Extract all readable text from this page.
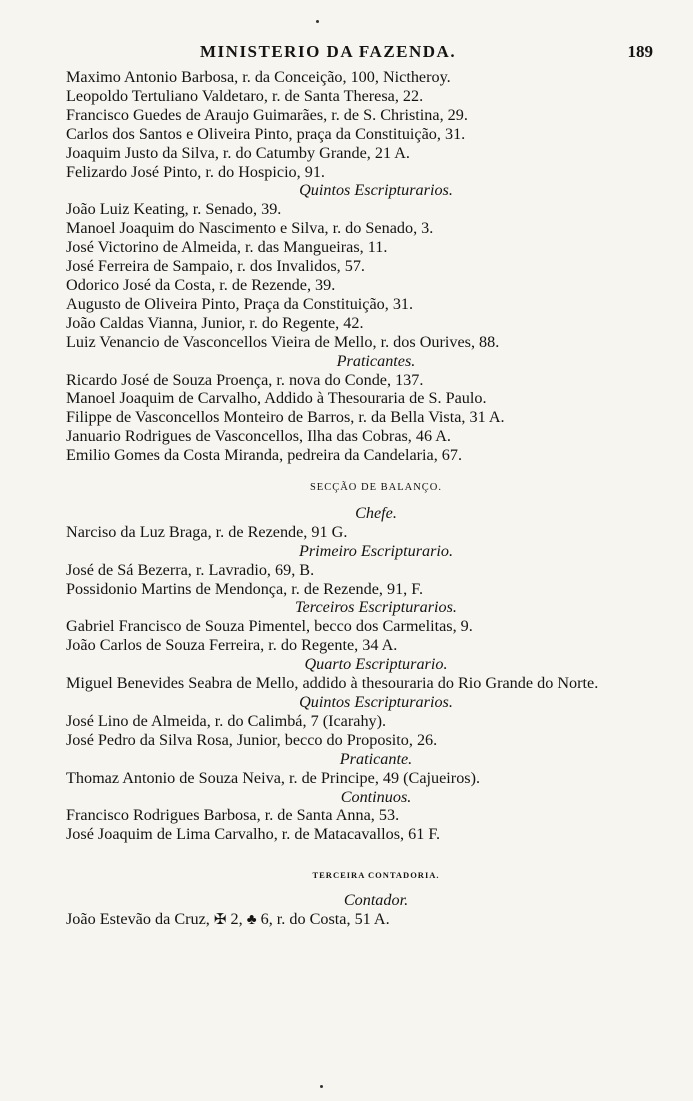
MINISTERIO DA FAZENDA.	189
Maximo Antonio Barbosa, r. da Conceição, 100, Nictheroy.
Leopoldo Tertuliano Valdetaro, r. de Santa Theresa, 22.
Francisco Guedes de Araujo Guimarães, r. de S. Christina, 29.
Carlos dos Santos e Oliveira Pinto, praça da Constituição, 31.
Joaquim Justo da Silva, r. do Catumby Grande, 21 A.
Felizardo José Pinto, r. do Hospicio, 91.
Quintos Escripturarios.
João Luiz Keating, r. Senado, 39.
Manoel Joaquim do Nascimento e Silva, r. do Senado, 3.
José Victorino de Almeida, r. das Mangueiras, 11.
José Ferreira de Sampaio, r. dos Invalidos, 57.
Odorico José da Costa, r. de Rezende, 39.
Augusto de Oliveira Pinto, Praça da Constituição, 31.
João Caldas Vianna, Junior, r. do Regente, 42.
Luiz Venancio de Vasconcellos Vieira de Mello, r. dos Ourives, 88.
Praticantes.
Ricardo José de Souza Proença, r. nova do Conde, 137.
Manoel Joaquim de Carvalho, Addido à Thesouraria de S. Paulo.
Filippe de Vasconcellos Monteiro de Barros, r. da Bella Vista, 31 A.
Januario Rodrigues de Vasconcellos, Ilha das Cobras, 46 A.
Emilio Gomes da Costa Miranda, pedreira da Candelaria, 67.
SECÇÃO DE BALANÇO.
Chefe.
Narciso da Luz Braga, r. de Rezende, 91 G.
Primeiro Escripturario.
José de Sá Bezerra, r. Lavradio, 69, B.
Possidonio Martins de Mendonça, r. de Rezende, 91, F.
Terceiros Escripturarios.
Gabriel Francisco de Souza Pimentel, becco dos Carmelitas, 9.
João Carlos de Souza Ferreira, r. do Regente, 34 A.
Quarto Escripturario.
Miguel Benevides Seabra de Mello, addido à thesouraria do Rio Grande do Norte.
Quintos Escripturarios.
José Lino de Almeida, r. do Calimbá, 7 (Icarahy).
José Pedro da Silva Rosa, Junior, becco do Proposito, 26.
Praticante.
Thomaz Antonio de Souza Neiva, r. de Principe, 49 (Cajueiros).
Continuos.
Francisco Rodrigues Barbosa, r. de Santa Anna, 53.
José Joaquim de Lima Carvalho, r. de Matacavallos, 61 F.
TERCEIRA CONTADORIA.
Contador.
João Estevão da Cruz, ✠ 2, ♣ 6, r. do Costa, 51 A.
